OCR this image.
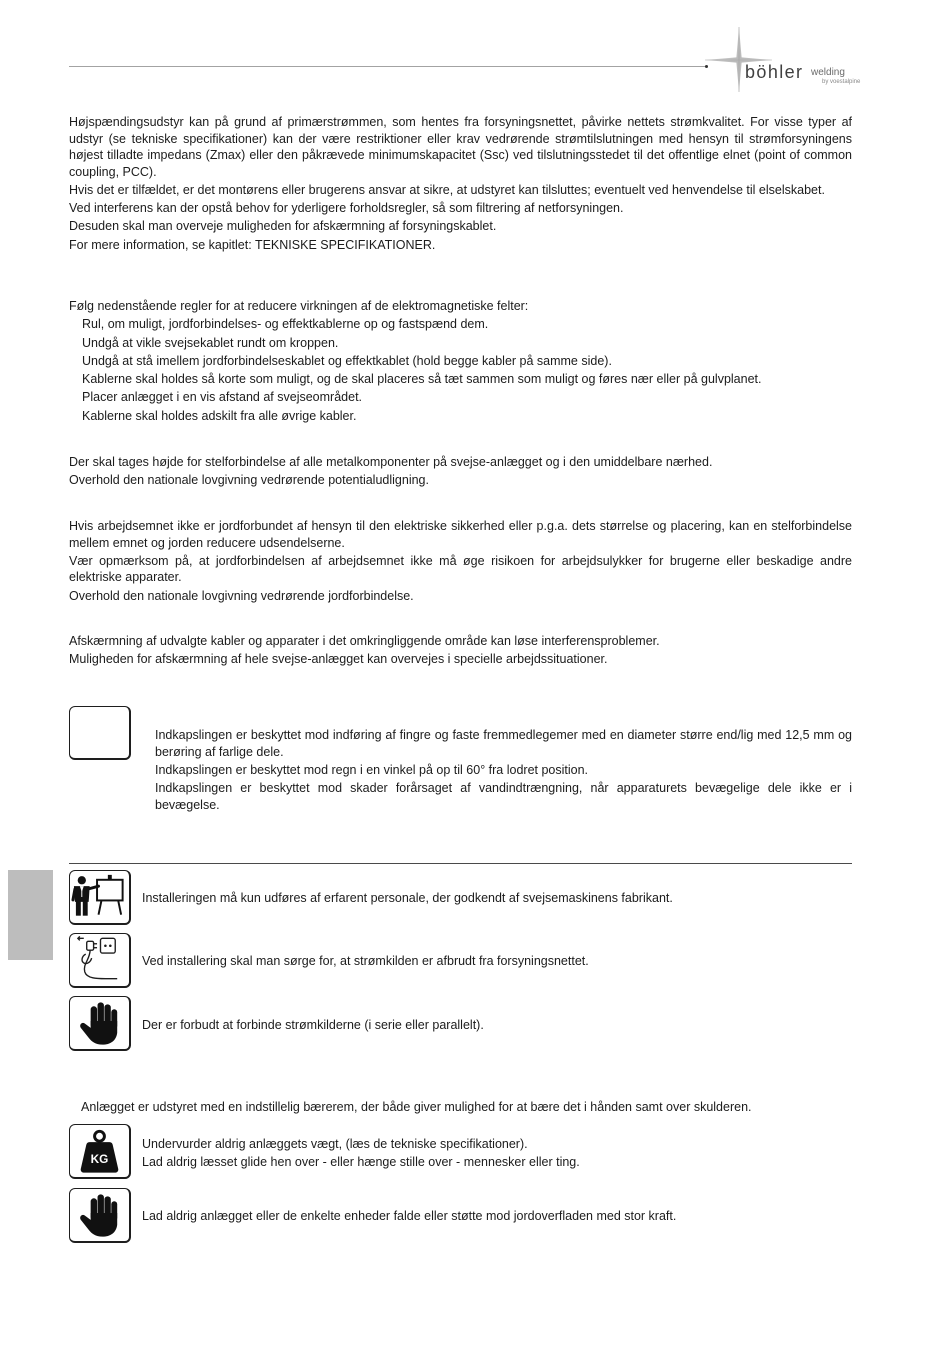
böhler welding
by voestalpine

Højspændingsudstyr kan på grund af primærstrømmen, som hentes fra forsyningsnettet, påvirke nettets strømkvalitet. For visse typer af udstyr (se tekniske specifikationer) kan der være restriktioner eller krav vedrørende strømtilslutningen med hensyn til strømforsyningens højest tilladte impedans (Zmax) eller den påkrævede minimumskapacitet (Ssc) ved tilslutningsstedet til det offentlige elnet (point of common coupling, PCC).

Hvis det er tilfældet, er det montørens eller brugerens ansvar at sikre, at udstyret kan tilsluttes; eventuelt ved henvendelse til elselskabet.

Ved interferens kan der opstå behov for yderligere forholdsregler, så som filtrering af netforsyningen.

Desuden skal man overveje muligheden for afskærmning af forsyningskablet.

For mere information, se kapitlet: TEKNISKE SPECIFIKATIONER.

Følg nedenstående regler for at reducere virkningen af de elektromagnetiske felter:

Rul, om muligt, jordforbindelses- og effektkablerne op og fastspænd dem.

Undgå at vikle svejsekablet rundt om kroppen.

Undgå at stå imellem jordforbindelseskablet og effektkablet (hold begge kabler på samme side).

Kablerne skal holdes så korte som muligt, og de skal placeres så tæt sammen som muligt og føres nær eller på gulvplanet.

Placer anlægget i en vis afstand af svejseområdet.

Kablerne skal holdes adskilt fra alle øvrige kabler.

Der skal tages højde for stelforbindelse af alle metalkomponenter på svejse-anlægget og i den umiddelbare nærhed.

Overhold den nationale lovgivning vedrørende potentialudligning.

Hvis arbejdsemnet ikke er jordforbundet af hensyn til den elektriske sikkerhed eller p.g.a. dets størrelse og placering, kan en stelforbindelse mellem emnet og jorden reducere udsendelserne.

Vær opmærksom på, at jordforbindelsen af arbejdsemnet ikke må øge risikoen for arbejdsulykker for brugerne eller beskadige andre elektriske apparater.

Overhold den nationale lovgivning vedrørende jordforbindelse.

Afskærmning af udvalgte kabler og apparater i det omkringliggende område kan løse interferensproblemer.

Muligheden for afskærmning af hele svejse-anlægget kan overvejes i specielle arbejdssituationer.

Indkapslingen er beskyttet mod indføring af fingre og faste fremmedlegemer med en diameter større end/lig med 12,5 mm og berøring af farlige dele.

Indkapslingen er beskyttet mod regn i en vinkel på op til 60° fra lodret position.

Indkapslingen er beskyttet mod skader forårsaget af vandindtrængning, når apparaturets bevægelige dele ikke er i bevægelse.

Installeringen må kun udføres af erfarent personale, der godkendt af svejsemaskinens fabrikant.

Ved installering skal man sørge for, at strømkilden er afbrudt fra forsyningsnettet.

Der er forbudt at forbinde strømkilderne (i serie eller parallelt).

Anlægget er udstyret med en indstillelig bærerem, der både giver mulighed for at bære det i hånden samt over skulderen.

KG

Undervurder aldrig anlæggets vægt, (læs de tekniske specifikationer).

Lad aldrig læsset glide hen over - eller hænge stille over - mennesker eller ting.

Lad aldrig anlægget eller de enkelte enheder falde eller støtte mod jordoverfladen med stor kraft.
